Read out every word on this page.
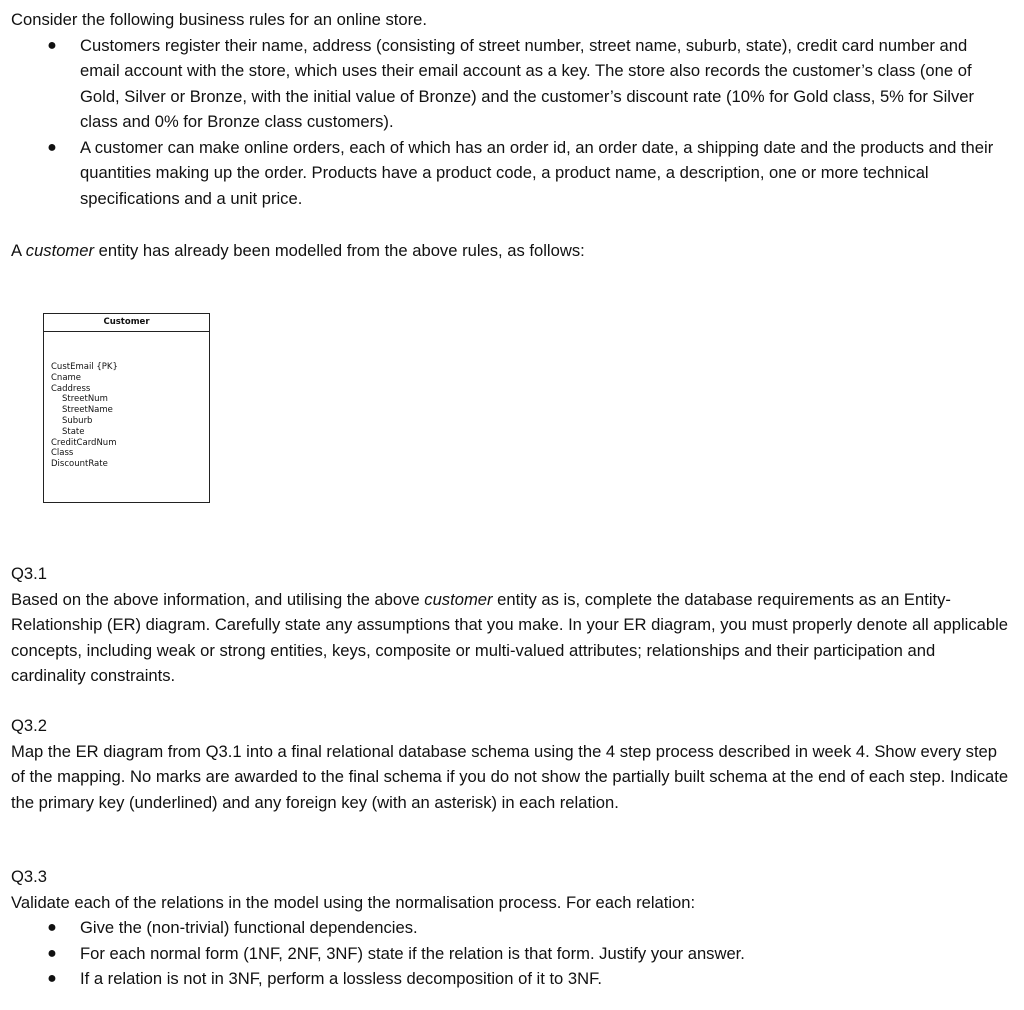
Consider the following business rules for an online store.

●	Customers register their name, address (consisting of street number, street name, suburb, state), credit card number and email account with the store, which uses their email account as a key. The store also records the customer’s class (one of Gold, Silver or Bronze, with the initial value of Bronze) and the customer’s discount rate (10% for Gold class, 5% for Silver class and 0% for Bronze class customers).
●	A customer can make online orders, each of which has an order id, an order date, a shipping date and the products and their quantities making up the order. Products have a product code, a product name, a description, one or more technical specifications and a unit price.

A customer entity has already been modelled from the above rules, as follows:

Customer
CustEmail {PK}
Cname
Caddress
StreetNum
StreetName
Suburb
State
CreditCardNum
Class
DiscountRate

Q3.1

Based on the above information, and utilising the above customer entity as is, complete the database requirements as an Entity-Relationship (ER) diagram. Carefully state any assumptions that you make. In your ER diagram, you must properly denote all applicable concepts, including weak or strong entities, keys, composite or multi-valued attributes; relationships and their participation and cardinality constraints.

Q3.2

Map the ER diagram from Q3.1 into a final relational database schema using the 4 step process described in week 4. Show every step of the mapping. No marks are awarded to the final schema if you do not show the partially built schema at the end of each step. Indicate the primary key (underlined) and any foreign key (with an asterisk) in each relation.

Q3.3

Validate each of the relations in the model using the normalisation process. For each relation:

●	Give the (non-trivial) functional dependencies.
●	For each normal form (1NF, 2NF, 3NF) state if the relation is that form. Justify your answer.
●	If a relation is not in 3NF, perform a lossless decomposition of it to 3NF.
